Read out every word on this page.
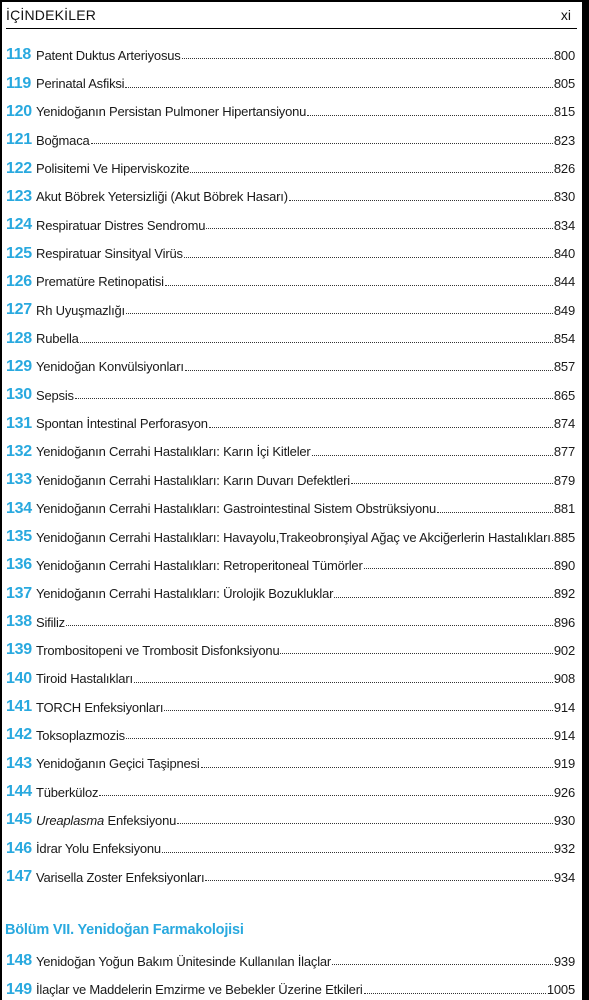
İÇİNDEKİLER	xi
118 Patent Duktus Arteriyosus	800
119 Perinatal Asfiksi	805
120 Yenidoğanın Persistan Pulmoner Hipertansiyonu	815
121 Boğmaca	823
122 Polisitemi Ve Hiperviskozite	826
123 Akut Böbrek Yetersizliği (Akut Böbrek Hasarı)	830
124 Respiratuar Distres Sendromu	834
125 Respiratuar Sinsityal Virüs	840
126 Prematüre Retinopatisi	844
127 Rh Uyuşmazlığı	849
128 Rubella	854
129 Yenidoğan Konvülsiyonları	857
130 Sepsis	865
131 Spontan İntestinal Perforasyon	874
132 Yenidoğanın Cerrahi Hastalıkları: Karın İçi Kitleler	877
133 Yenidoğanın Cerrahi Hastalıkları: Karın Duvarı Defektleri	879
134 Yenidoğanın Cerrahi Hastalıkları: Gastrointestinal Sistem Obstrüksiyonu	881
135 Yenidoğanın Cerrahi Hastalıkları: Havayolu,Trakeobronşiyal Ağaç ve Akciğerlerin Hastalıkları 885
136 Yenidoğanın Cerrahi Hastalıkları: Retroperitoneal Tümörler	890
137 Yenidoğanın Cerrahi Hastalıkları: Ürolojik Bozukluklar	892
138 Sifiliz	896
139 Trombositopeni ve Trombosit Disfonksiyonu	902
140 Tiroid Hastalıkları	908
141 TORCH Enfeksiyonları	914
142 Toksoplazmozis	914
143 Yenidoğanın Geçici Taşipnesi	919
144 Tüberküloz	926
145 Ureaplasma Enfeksiyonu	930
146 İdrar Yolu Enfeksiyonu	932
147 Varisella Zoster Enfeksiyonları	934
Bölüm VII. Yenidoğan Farmakolojisi
148 Yenidoğan Yoğun Bakım Ünitesinde Kullanılan İlaçlar	939
149 İlaçlar ve Maddelerin Emzirme ve Bebekler Üzerine Etkileri	1005
